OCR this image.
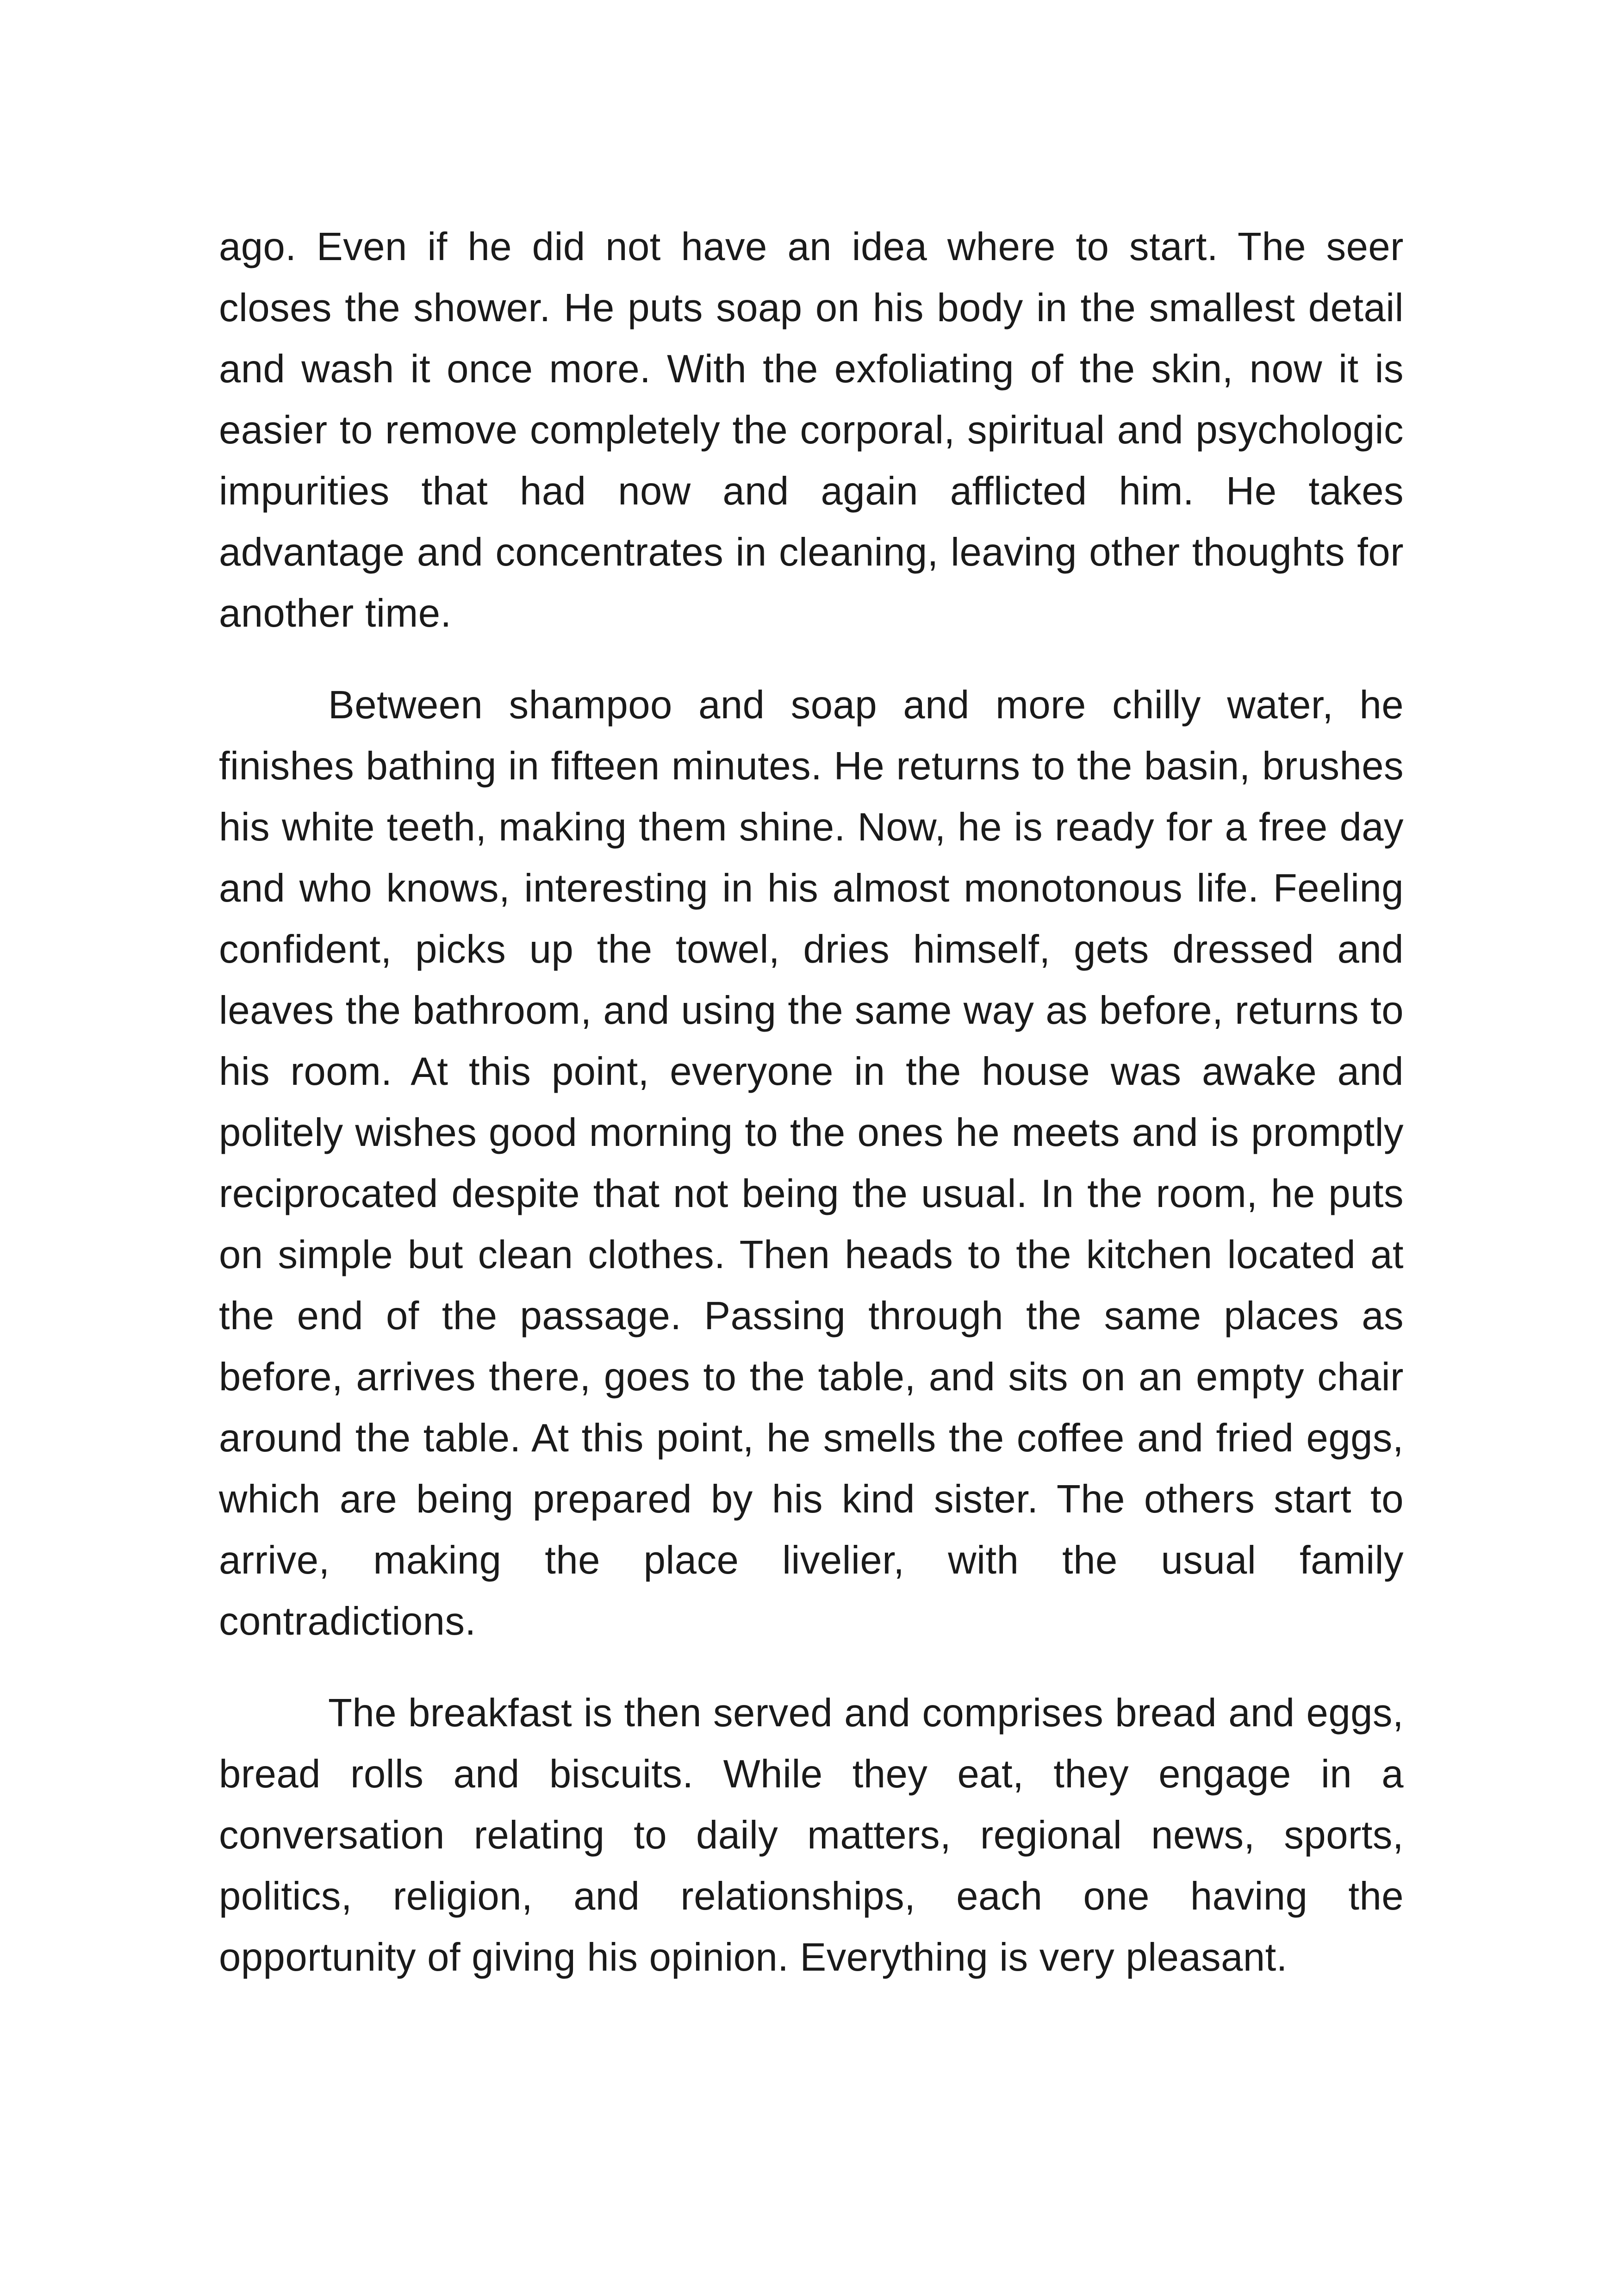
ago. Even if he did not have an idea where to start. The seer closes the shower. He puts soap on his body in the smallest detail and wash it once more. With the exfoliating of the skin, now it is easier to remove completely the corporal, spiritual and psychologic impurities that had now and again afflicted him. He takes advantage and concentrates in cleaning, leaving other thoughts for another time.

Between shampoo and soap and more chilly water, he finishes bathing in fifteen minutes. He returns to the basin, brushes his white teeth, making them shine. Now, he is ready for a free day and who knows, interesting in his almost monotonous life. Feeling confident, picks up the towel, dries himself, gets dressed and leaves the bathroom, and using the same way as before, returns to his room. At this point, everyone in the house was awake and politely wishes good morning to the ones he meets and is promptly reciprocated despite that not being the usual. In the room, he puts on simple but clean clothes. Then heads to the kitchen located at the end of the passage. Passing through the same places as before, arrives there, goes to the table, and sits on an empty chair around the table. At this point, he smells the coffee and fried eggs, which are being prepared by his kind sister. The others start to arrive, making the place livelier, with the usual family contradictions.

The breakfast is then served and comprises bread and eggs, bread rolls and biscuits. While they eat, they engage in a conversation relating to daily matters, regional news, sports, politics, religion, and relationships, each one having the opportunity of giving his opinion. Everything is very pleasant.
